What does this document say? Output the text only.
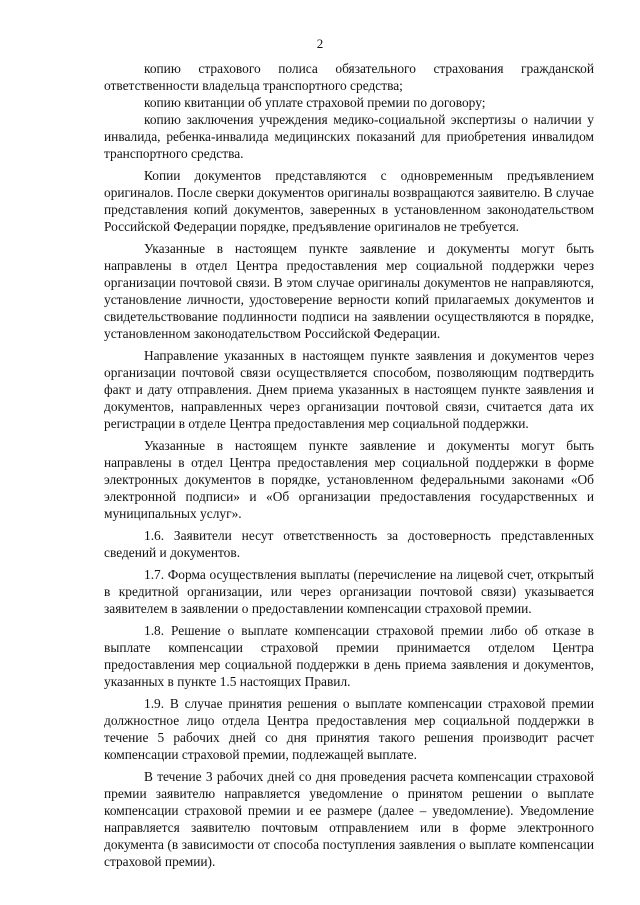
2

копию страхового полиса обязательного страхования гражданской ответственности владельца транспортного средства;

копию квитанции об уплате страховой премии по договору;

копию заключения учреждения медико-социальной экспертизы о наличии у инвалида, ребенка-инвалида медицинских показаний для приобретения инвалидом транспортного средства.

Копии документов представляются с одновременным предъявлением оригиналов. После сверки документов оригиналы возвращаются заявителю. В случае представления копий документов, заверенных в установленном законодательством Российской Федерации порядке, предъявление оригиналов не требуется.

Указанные в настоящем пункте заявление и документы могут быть направлены в отдел Центра предоставления мер социальной поддержки через организации почтовой связи. В этом случае оригиналы документов не направляются, установление личности, удостоверение верности копий прилагаемых документов и свидетельствование подлинности подписи на заявлении осуществляются в порядке, установленном законодательством Российской Федерации.

Направление указанных в настоящем пункте заявления и документов через организации почтовой связи осуществляется способом, позволяющим подтвердить факт и дату отправления. Днем приема указанных в настоящем пункте заявления и документов, направленных через организации почтовой связи, считается дата их регистрации в отделе Центра предоставления мер социальной поддержки.

Указанные в настоящем пункте заявление и документы могут быть направлены в отдел Центра предоставления мер социальной поддержки в форме электронных документов в порядке, установленном федеральными законами «Об электронной подписи» и «Об организации предоставления государственных и муниципальных услуг».

1.6. Заявители несут ответственность за достоверность представленных сведений и документов.

1.7. Форма осуществления выплаты (перечисление на лицевой счет, открытый в кредитной организации, или через организации почтовой связи) указывается заявителем в заявлении о предоставлении компенсации страховой премии.

1.8. Решение о выплате компенсации страховой премии либо об отказе в выплате компенсации страховой премии принимается отделом Центра предоставления мер социальной поддержки в день приема заявления и документов, указанных в пункте 1.5 настоящих Правил.

1.9. В случае принятия решения о выплате компенсации страховой премии должностное лицо отдела Центра предоставления мер социальной поддержки в течение 5 рабочих дней со дня принятия такого решения производит расчет компенсации страховой премии, подлежащей выплате.

В течение 3 рабочих дней со дня проведения расчета компенсации страховой премии заявителю направляется уведомление о принятом решении о выплате компенсации страховой премии и ее размере (далее – уведомление). Уведомление направляется заявителю почтовым отправлением или в форме электронного документа (в зависимости от способа поступления заявления о выплате компенсации страховой премии).
